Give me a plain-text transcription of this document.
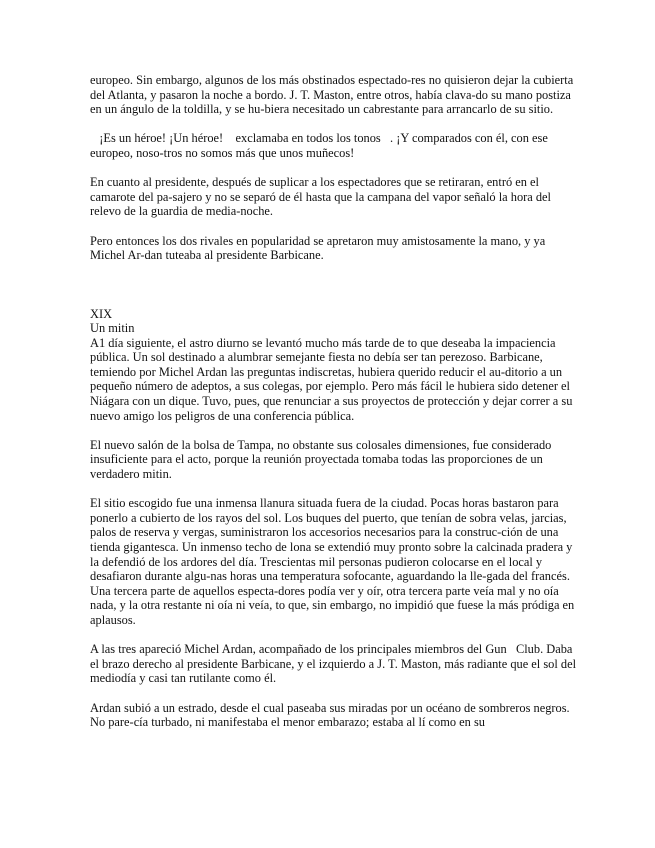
europeo. Sin embargo, algunos de los más obstinados espectado-res no quisieron dejar la cubierta del Atlanta, y pasaron la noche a bordo. J. T. Maston, entre otros, había clava-do su mano postiza en un ángulo de la toldilla, y se hu-biera necesitado un cabrestante para arrancarlo de su sitio.

¡Es un héroe! ¡Un héroe!    exclamaba en todos los tonos   . ¡Y comparados con él, con ese europeo, noso-tros no somos más que unos muñecos!

En cuanto al presidente, después de suplicar a los espectadores que se retiraran, entró en el camarote del pa-sajero y no se separó de él hasta que la campana del vapor señaló la hora del relevo de la guardia de media-noche.

Pero entonces los dos rivales en popularidad se apretaron muy amistosamente la mano, y ya Michel Ar-dan tuteaba al presidente Barbicane.

XIX

Un mitin

A1 día siguiente, el astro diurno se levantó mucho más tarde de to que deseaba la impaciencia pública. Un sol destinado a alumbrar semejante fiesta no debía ser tan perezoso. Barbicane, temiendo por Michel Ardan las preguntas indiscretas, hubiera querido reducir el au-ditorio a un pequeño número de adeptos, a sus colegas, por ejemplo. Pero más fácil le hubiera sido detener el Niágara con un dique. Tuvo, pues, que renunciar a sus proyectos de protección y dejar correr a su nuevo amigo los peligros de una conferencia pública.

El nuevo salón de la bolsa de Tampa, no obstante sus colosales dimensiones, fue considerado insuficiente para el acto, porque la reunión proyectada tomaba todas las proporciones de un verdadero mitin.

El sitio escogido fue una inmensa llanura situada fuera de la ciudad. Pocas horas bastaron para ponerlo a cubierto de los rayos del sol. Los buques del puerto, que tenían de sobra velas, jarcias, palos de reserva y vergas, suministraron los accesorios necesarios para la construc-ción de una tienda gigantesca. Un inmenso techo de lona se extendió muy pronto sobre la calcinada pradera y la defendió de los ardores del día. Trescientas mil personas pudieron colocarse en el local y desafiaron durante algu-nas horas una temperatura sofocante, aguardando la lle-gada del francés. Una tercera parte de aquellos especta-dores podía ver y oír, otra tercera parte veía mal y no oía nada, y la otra restante ni oía ni veía, to que, sin embargo, no impidió que fuese la más pródiga en aplausos.

A las tres apareció Michel Ardan, acompañado de los principales miembros del Gun   Club. Daba el brazo derecho al presidente Barbicane, y el izquierdo a J. T. Maston, más radiante que el sol del mediodía y casi tan rutilante como él.

Ardan subió a un estrado, desde el cual paseaba sus miradas por un océano de sombreros negros. No pare-cía turbado, ni manifestaba el menor embarazo; estaba al lí como en su
